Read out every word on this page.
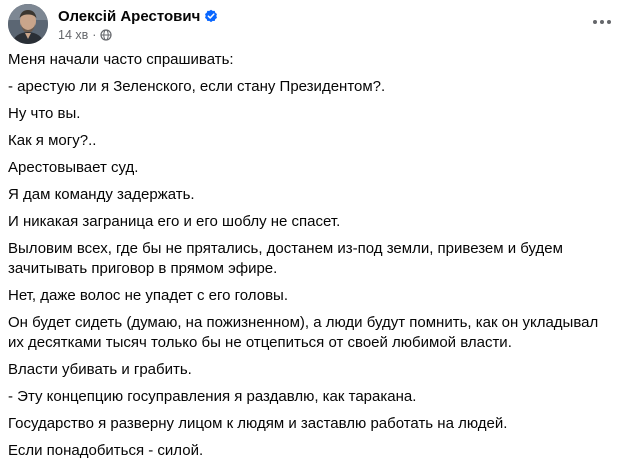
Олексій Арестович
14 хв ·

Меня начали часто спрашивать:

- арестую ли я Зеленского, если стану Президентом?.

Ну что вы.

Как я могу?..

Арестовывает суд.

Я дам команду задержать.

И никакая заграница его и его шоблу не спасет.

Выловим всех, где бы не прятались, достанем из-под земли, привезем и будем зачитывать приговор в прямом эфире.

Нет, даже волос не упадет с его головы.

Он будет сидеть (думаю, на пожизненном), а люди будут помнить, как он укладывал их десятками тысяч только бы не отцепиться от своей любимой власти.

Власти убивать и грабить.

- Эту концепцию госуправления я раздавлю, как таракана.

Государство я разверну лицом к людям и заставлю работать на людей.

Если понадобиться - силой.
